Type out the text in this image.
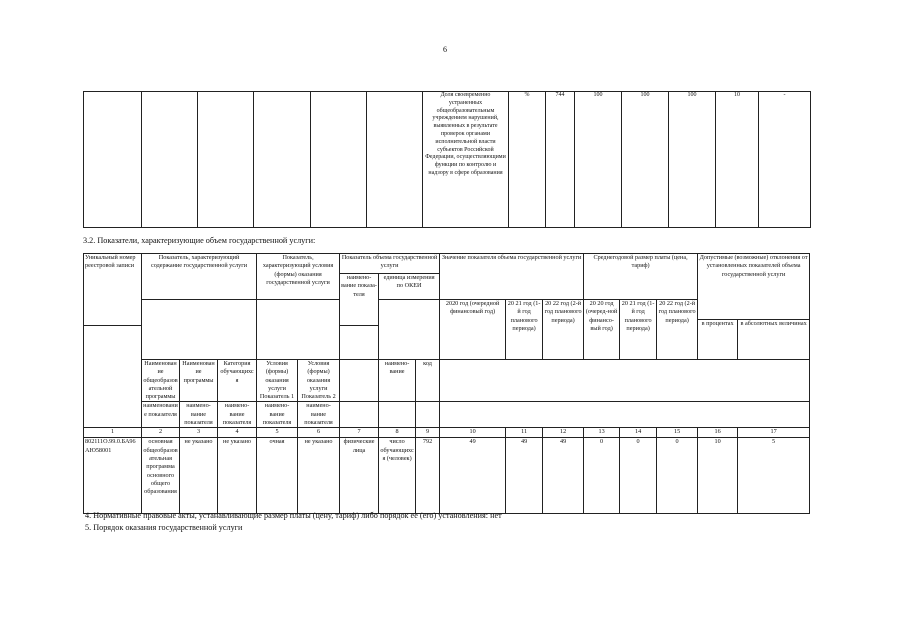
6
						Доля своевременно устраненных общеобразовательным учреждением нарушений, выявленных в результате проверок органами исполнительной власти субъектов Российской Федерации, осуществляющими функции по контролю и надзору в сфере образования	%	744	100	100	100	10	-
3.2. Показатели, характеризующие объем государственной услуги:
Уникальный номер реестровой записи	Показатель, характеризующий содержание государственной услуги			Показатель, характеризующий условия (формы) оказания государственной услуги		Показатель объема государственной услуги			Значение показателя объема государственной услуги			Среднегодовой размер платы (цена, тариф)			Допустимые (возможные) отклонения от установленных показателей объема государственной услуги	
						наимено-вание показа-теля	единица измерения по ОКЕИ									
									2020 год (очередной финансовый год)	20 21 год (1-й год планового периода)	20 22 год (2-й год планового периода)	20 20 год (очеред-ной финансо-вый год)	20 21 год (1-й год планового периода)	20 22 год (2-й год планового периода)		
															в процентах	в абсолютных величинах

	Наименование общеобразовательной программы	Наименование программы	Категория обучающихся	Условия (формы) оказания услуги Показатель 1	Условия (формы) оказания услуги Показатель 2		наимено-вание	код								
	наименование показателя	наимено-вание показателя	наимено-вание показателя	наимено-вание показателя	наимено-вание показателя											
1	2	3	4	5	6	7	8	9	10	11	12	13	14	15	16	17
802111О.99.0.БА96АЮ58001	основная общеобразовательная программа основного общего образования	не указано	не указано	очная	не указано	физические лица	число обучающихся (человек)	792	49	49	49	0	0	0	10	5
4. Нормативные правовые акты, устанавливающие размер платы (цену, тариф) либо порядок ее (его) установления: нет
5. Порядок оказания государственной услуги
